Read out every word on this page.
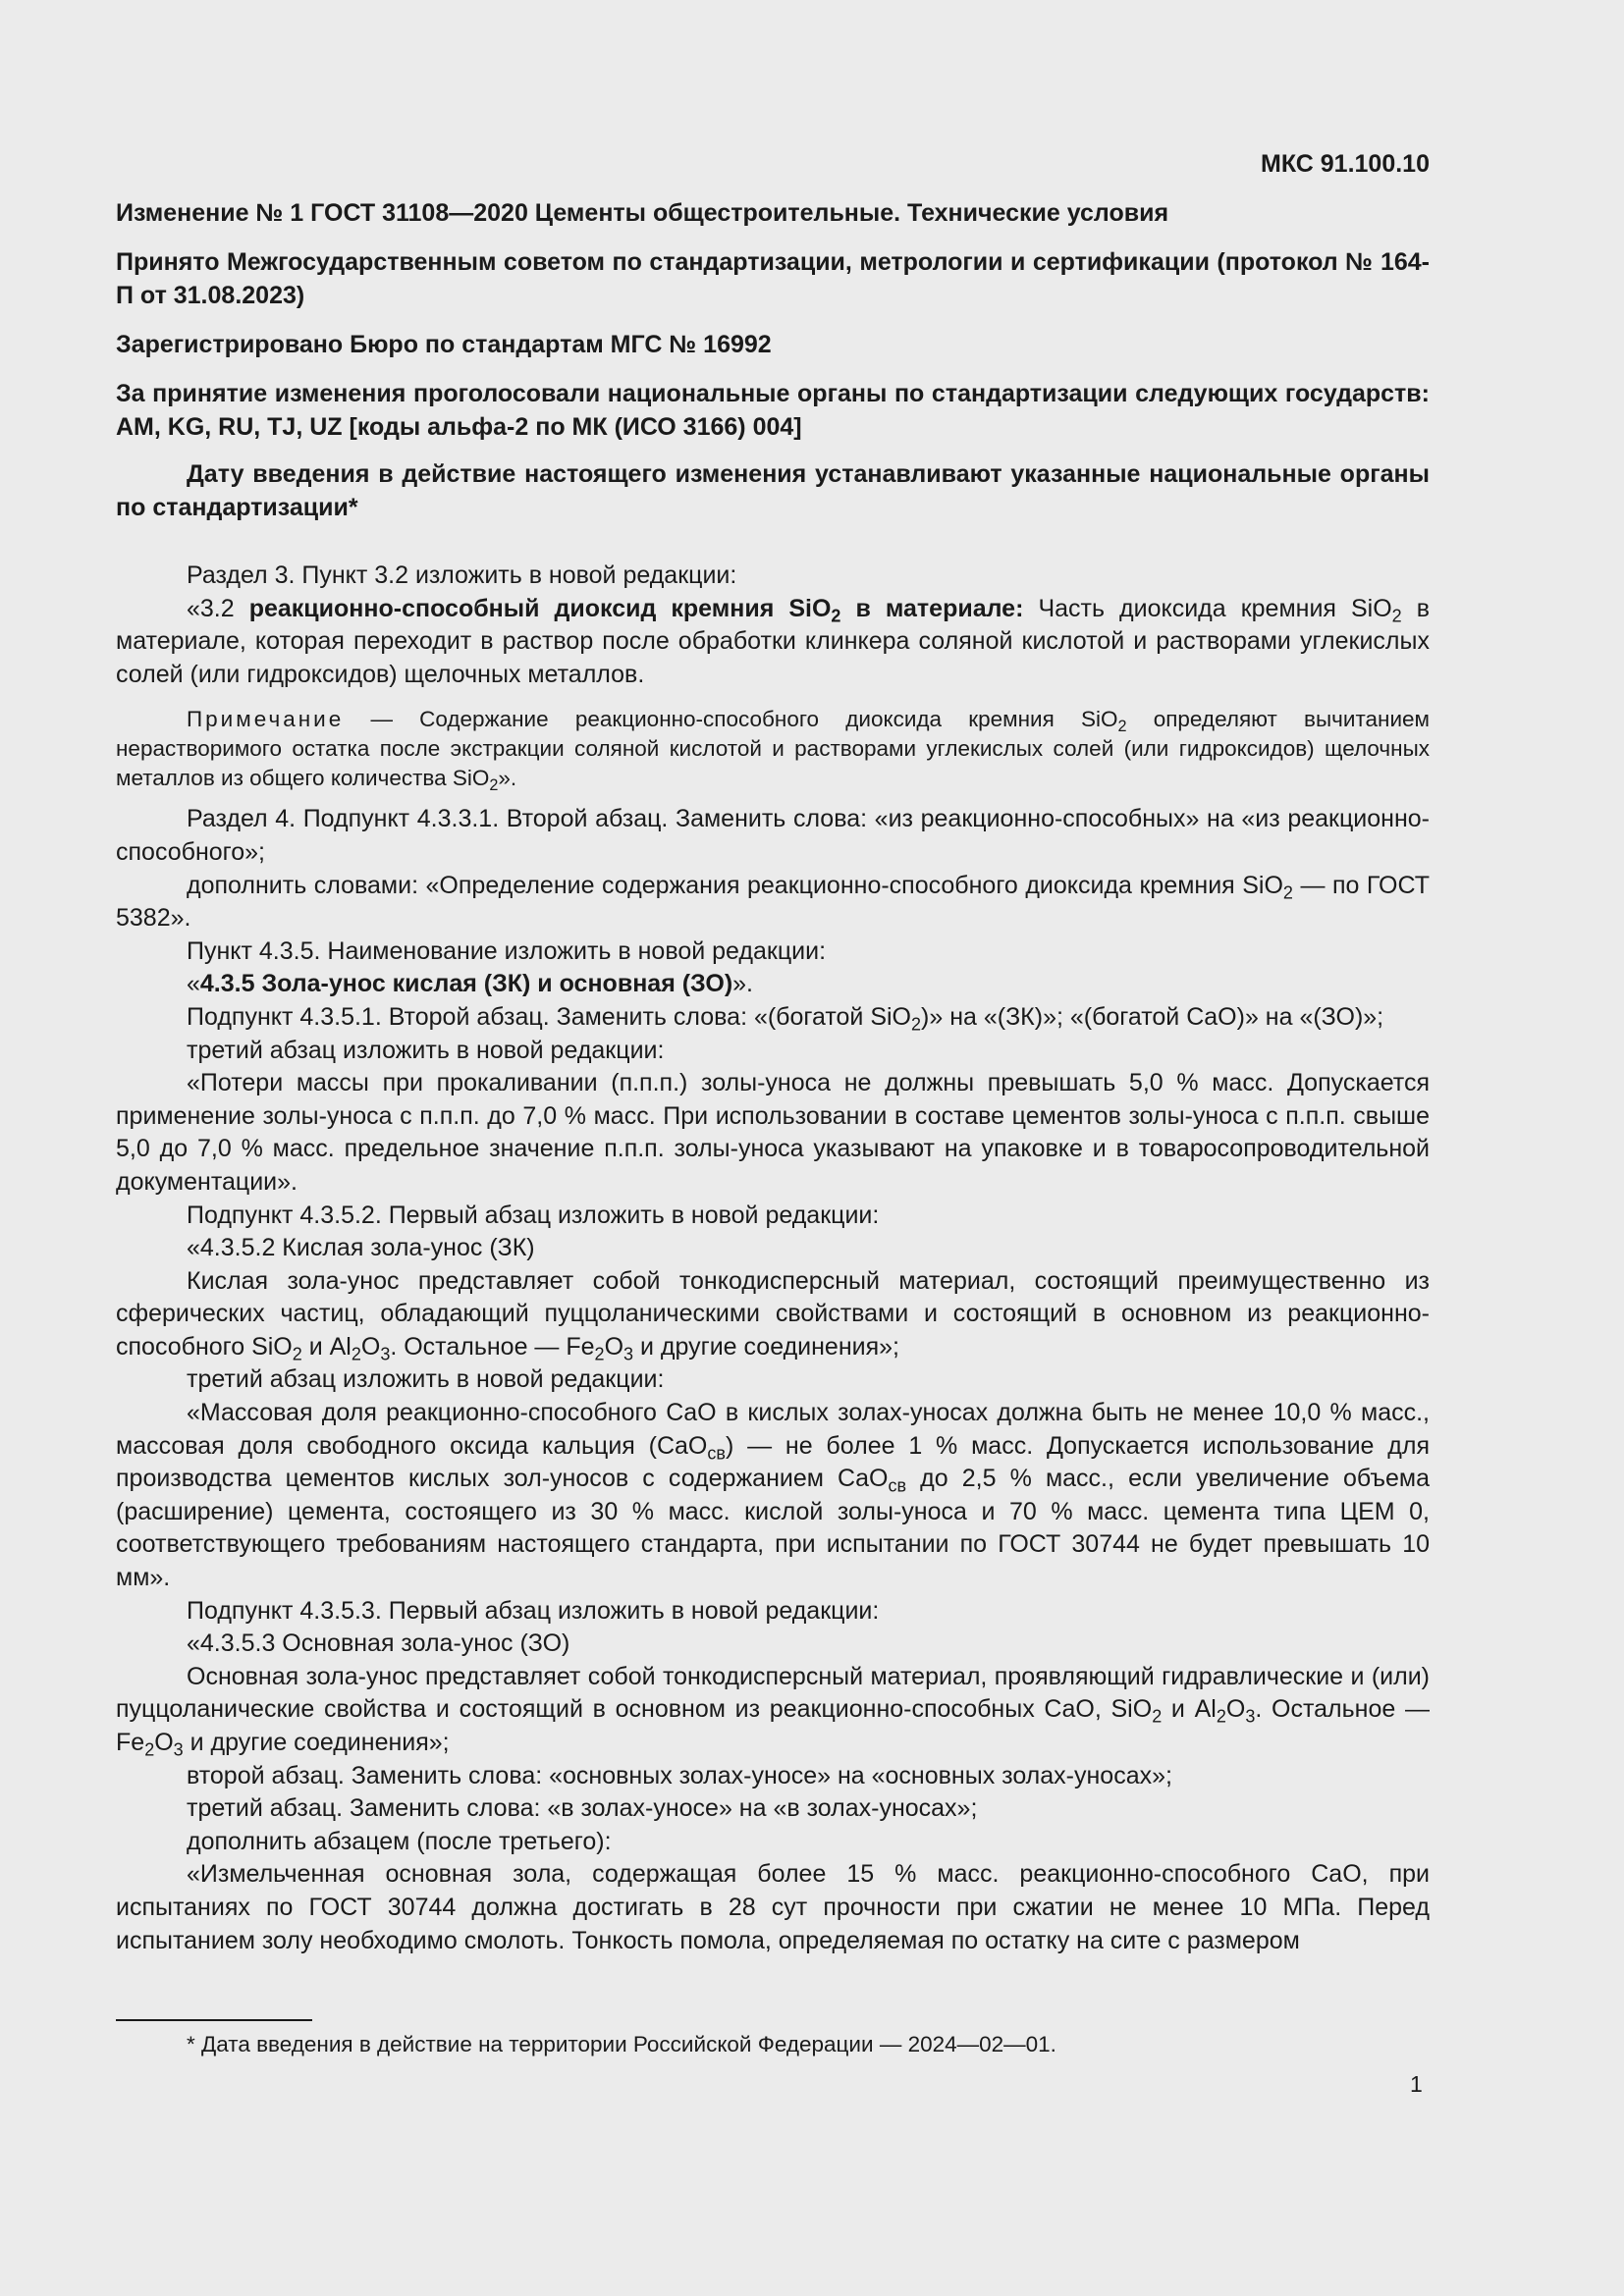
МКС 91.100.10

Изменение № 1 ГОСТ 31108—2020 Цементы общестроительные. Технические условия

Принято Межгосударственным советом по стандартизации, метрологии и сертификации (протокол № 164-П от 31.08.2023)

Зарегистрировано Бюро по стандартам МГС № 16992

За принятие изменения проголосовали национальные органы по стандартизации следующих государств: AM, KG, RU, TJ, UZ [коды альфа-2 по МК (ИСО 3166) 004]

Дату введения в действие настоящего изменения устанавливают указанные национальные органы по стандартизации*

Раздел 3. Пункт 3.2 изложить в новой редакции:

«3.2 реакционно-способный диоксид кремния SiO$_2$ в материале: Часть диоксида кремния SiO$_2$ в материале, которая переходит в раствор после обработки клинкера соляной кислотой и растворами углекислых солей (или гидроксидов) щелочных металлов.

Примечание — Содержание реакционно-способного диоксида кремния SiO$_2$ определяют вычитанием нерастворимого остатка после экстракции соляной кислотой и растворами углекислых солей (или гидроксидов) щелочных металлов из общего количества SiO$_2$».

Раздел 4. Подпункт 4.3.3.1. Второй абзац. Заменить слова: «из реакционно-способных» на «из реакционно-способного»;

дополнить словами: «Определение содержания реакционно-способного диоксида кремния SiO$_2$ — по ГОСТ 5382».

Пункт 4.3.5. Наименование изложить в новой редакции:

«4.3.5 Зола-унос кислая (ЗК) и основная (ЗО)».

Подпункт 4.3.5.1. Второй абзац. Заменить слова: «(богатой SiO$_2$)» на «(ЗК)»; «(богатой CaO)» на «(ЗО)»;

третий абзац изложить в новой редакции:

«Потери массы при прокаливании (п.п.п.) золы-уноса не должны превышать 5,0 % масс. Допускается применение золы-уноса с п.п.п. до 7,0 % масс. При использовании в составе цементов золы-уноса с п.п.п. свыше 5,0 до 7,0 % масс. предельное значение п.п.п. золы-уноса указывают на упаковке и в товаросопроводительной документации».

Подпункт 4.3.5.2. Первый абзац изложить в новой редакции:

«4.3.5.2 Кислая зола-унос (ЗК)

Кислая зола-унос представляет собой тонкодисперсный материал, состоящий преимущественно из сферических частиц, обладающий пуццоланическими свойствами и состоящий в основном из реакционно-способного SiO$_2$ и $Al_2O_3$. Остальное — $Fe_2O_3$ и другие соединения»;

третий абзац изложить в новой редакции:

«Массовая доля реакционно-способного CaO в кислых золах-уносах должна быть не менее 10,0 % масс., массовая доля свободного оксида кальция (CaO$_{св}$) — не более 1 % масс. Допускается использование для производства цементов кислых зол-уносов с содержанием CaO$_{св}$ до 2,5 % масс., если увеличение объема (расширение) цемента, состоящего из 30 % масс. кислой золы-уноса и 70 % масс. цемента типа ЦЕМ 0, соответствующего требованиям настоящего стандарта, при испытании по ГОСТ 30744 не будет превышать 10 мм».

Подпункт 4.3.5.3. Первый абзац изложить в новой редакции:

«4.3.5.3 Основная зола-унос (ЗО)

Основная зола-унос представляет собой тонкодисперсный материал, проявляющий гидравлические и (или) пуццоланические свойства и состоящий в основном из реакционно-способных CaO, SiO$_2$ и $Al_2O_3$. Остальное — $Fe_2O_3$ и другие соединения»;

второй абзац. Заменить слова: «основных золах-уносе» на «основных золах-уносах»;

третий абзац. Заменить слова: «в золах-уносе» на «в золах-уносах»;

дополнить абзацем (после третьего):

«Измельченная основная зола, содержащая более 15 % масс. реакционно-способного CaO, при испытаниях по ГОСТ 30744 должна достигать в 28 сут прочности при сжатии не менее 10 МПа. Перед испытанием золу необходимо смолоть. Тонкость помола, определяемая по остатку на сите с размером

* Дата введения в действие на территории Российской Федерации — 2024—02—01.
1
